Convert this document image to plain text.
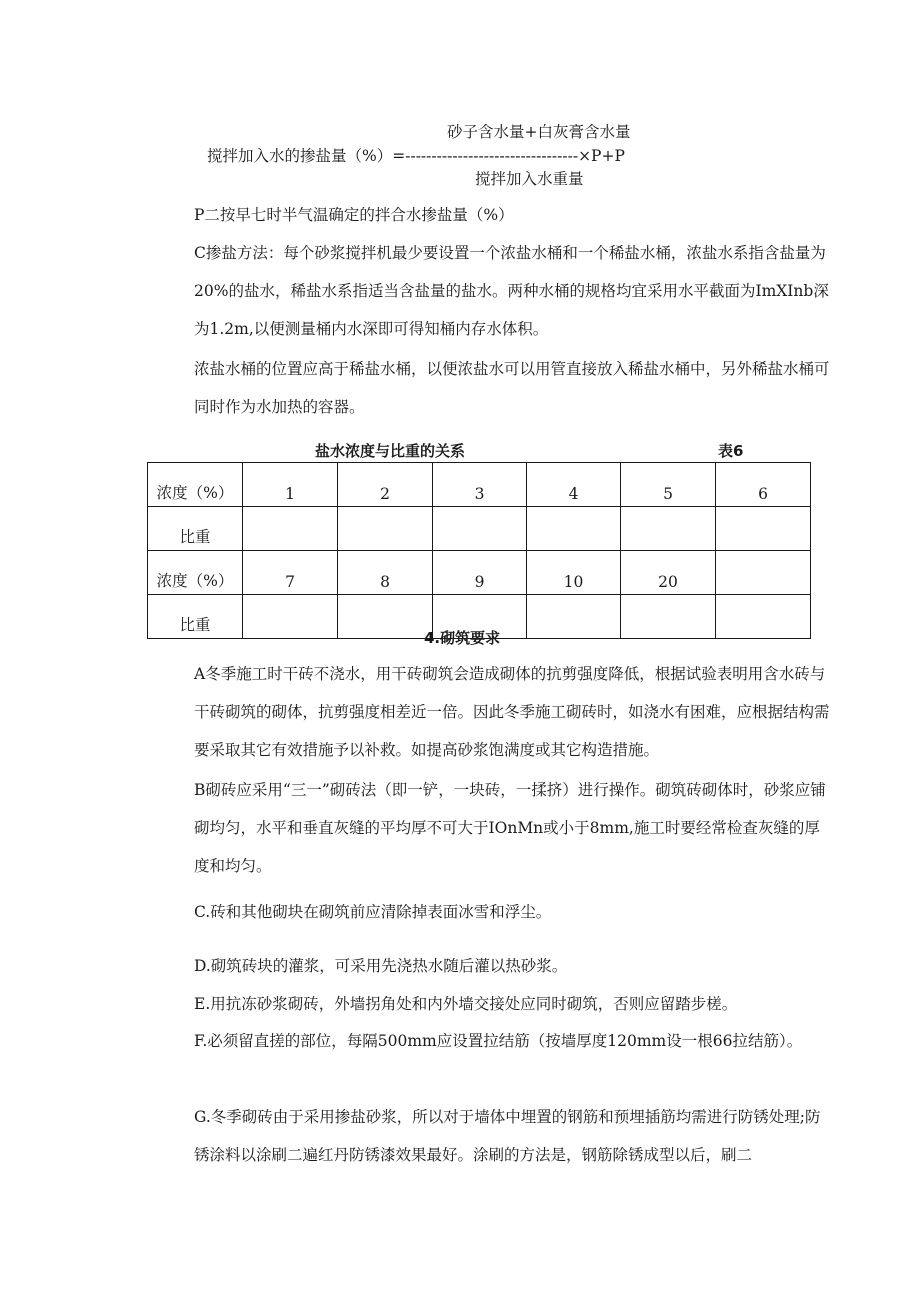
砂子含水量+白灰膏含水量
搅拌加入水的掺盐量（%）=---------------------------------×P+P
搅拌加入水重量
P二按早七时半气温确定的拌合水掺盐量（%）
C掺盐方法：每个砂浆搅拌机最少要设置一个浓盐水桶和一个稀盐水桶，浓盐水系指含盐量为20%的盐水，稀盐水系指适当含盐量的盐水。两种水桶的规格均宜采用水平截面为ImXInb深为1.2m,以便测量桶内水深即可得知桶内存水体积。
浓盐水桶的位置应高于稀盐水桶，以便浓盐水可以用管直接放入稀盐水桶中，另外稀盐水桶可同时作为水加热的容器。
盐水浓度与比重的关系	表6
浓度（%）	1	2	3	4	5	6
比重						
浓度（%）	7	8	9	10	20	
比重						
4.砌筑要求
A冬季施工时干砖不浇水，用干砖砌筑会造成砌体的抗剪强度降低，根据试验表明用含水砖与干砖砌筑的砌体，抗剪强度相差近一倍。因此冬季施工砌砖时，如浇水有困难，应根据结构需要采取其它有效措施予以补救。如提高砂浆饱满度或其它构造措施。
B砌砖应采用“三一”砌砖法（即一铲，一块砖，一揉挤）进行操作。砌筑砖砌体时，砂浆应铺砌均匀，水平和垂直灰缝的平均厚不可大于IOnMn或小于8mm,施工时要经常检查灰缝的厚度和均匀。
C.砖和其他砌块在砌筑前应清除掉表面冰雪和浮尘。
D.砌筑砖块的灌浆，可采用先浇热水随后灌以热砂浆。
E.用抗冻砂浆砌砖，外墙拐角处和内外墙交接处应同时砌筑，否则应留踏步槎。
F.必须留直搓的部位，每隔500mm应设置拉结筋（按墙厚度120mm设一根66拉结筋）。
G.冬季砌砖由于采用掺盐砂浆，所以对于墙体中埋置的钢筋和预埋插筋均需进行防锈处理;防锈涂料以涂刷二遍红丹防锈漆效果最好。涂刷的方法是，钢筋除锈成型以后，刷二
